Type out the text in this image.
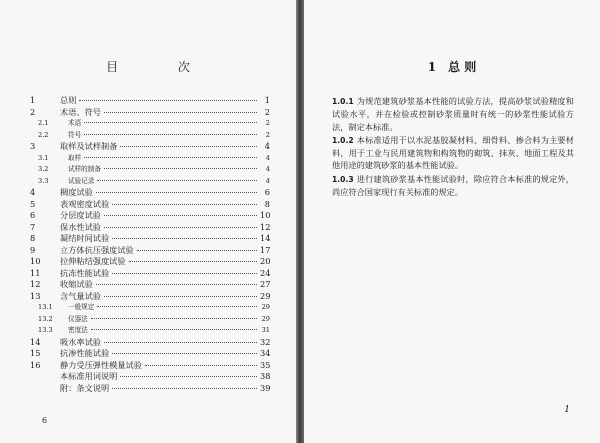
目 次
1	总则	1
2	术语、符号	2
2.1	术语	2
2.2	符号	2
3	取样及试样制备	4
3.1	取样	4
3.2	试样的制备	4
3.3	试验记录	4
4	稠度试验	6
5	表观密度试验	8
6	分层度试验	10
7	保水性试验	12
8	凝结时间试验	14
9	立方体抗压强度试验	17
10	拉伸粘结强度试验	20
11	抗冻性能试验	24
12	收缩试验	27
13	含气量试验	29
13.1	一般规定	29
13.2	仪器法	29
13.3	密度法	31
14	吸水率试验	32
15	抗渗性能试验	34
16	静力受压弹性模量试验	35
本标准用词说明	38
附：条文说明	39
6
1 总 则

1.0.1 为规范建筑砂浆基本性能的试验方法，提高砂浆试验精度和试验水平，并在检验或控制砂浆质量时有统一的砂浆性能试验方法，制定本标准。

1.0.2 本标准适用于以水泥基胶凝材料、细骨料、掺合料为主要材料，用于工业与民用建筑物和构筑物的砌筑、抹灰、地面工程及其他用途的建筑砂浆的基本性能试验。

1.0.3 进行建筑砂浆基本性能试验时，除应符合本标准的规定外，尚应符合国家现行有关标准的规定。

1
